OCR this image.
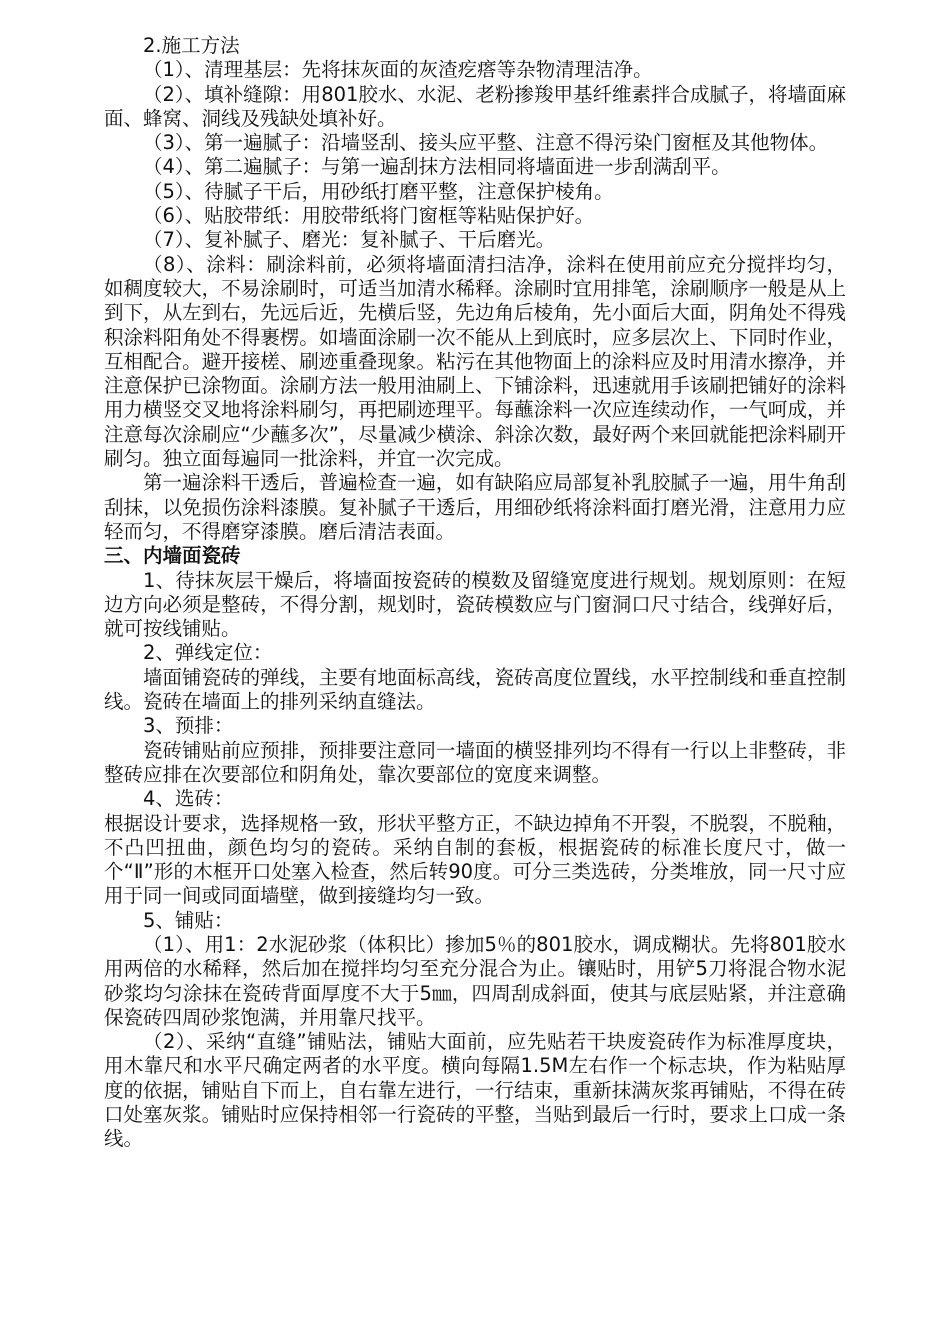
2.施工方法

（1）、清理基层：先将抹灰面的灰渣疙瘩等杂物清理洁净。

（2）、填补缝隙：用801胶水、水泥、老粉掺羧甲基纤维素拌合成腻子，将墙面麻面、蜂窝、洞线及残缺处填补好。

（3）、第一遍腻子：沿墙竖刮、接头应平整、注意不得污染门窗框及其他物体。

（4）、第二遍腻子：与第一遍刮抹方法相同将墙面进一步刮满刮平。

（5）、待腻子干后，用砂纸打磨平整，注意保护棱角。

（6）、贴胶带纸：用胶带纸将门窗框等粘贴保护好。

（7）、复补腻子、磨光：复补腻子、干后磨光。

（8）、涂料：刷涂料前，必须将墙面清扫洁净，涂料在使用前应充分搅拌均匀，如稠度较大，不易涂刷时，可适当加清水稀释。涂刷时宜用排笔，涂刷顺序一般是从上到下，从左到右，先远后近，先横后竖，先边角后棱角，先小面后大面，阴角处不得残积涂料阳角处不得裹楞。如墙面涂刷一次不能从上到底时，应多层次上、下同时作业，互相配合。避开接槎、刷迹重叠现象。粘污在其他物面上的涂料应及时用清水擦净，并注意保护已涂物面。涂刷方法一般用油刷上、下铺涂料，迅速就用手该刷把铺好的涂料用力横竖交叉地将涂料刷匀，再把刷迹理平。每蘸涂料一次应连续动作，一气呵成，并注意每次涂刷应“少蘸多次”，尽量减少横涂、斜涂次数，最好两个来回就能把涂料刷开刷匀。独立面每遍同一批涂料，并宜一次完成。

第一遍涂料干透后，普遍检查一遍，如有缺陷应局部复补乳胶腻子一遍，用牛角刮刮抹，以免损伤涂料漆膜。复补腻子干透后，用细砂纸将涂料面打磨光滑，注意用力应轻而匀，不得磨穿漆膜。磨后清洁表面。

三、内墙面瓷砖

1、待抹灰层干燥后，将墙面按瓷砖的模数及留缝宽度进行规划。规划原则：在短边方向必须是整砖，不得分割，规划时，瓷砖模数应与门窗洞口尺寸结合，线弹好后，就可按线铺贴。

2、弹线定位：

墙面铺瓷砖的弹线，主要有地面标高线，瓷砖高度位置线，水平控制线和垂直控制线。瓷砖在墙面上的排列采纳直缝法。

3、预排：

瓷砖铺贴前应预排，预排要注意同一墙面的横竖排列均不得有一行以上非整砖，非整砖应排在次要部位和阴角处，靠次要部位的宽度来调整。

4、选砖：

根据设计要求，选择规格一致，形状平整方正，不缺边掉角不开裂，不脱裂，不脱釉，不凸凹扭曲，颜色均匀的瓷砖。采纳自制的套板，根据瓷砖的标准长度尺寸，做一个“Ⅱ”形的木框开口处塞入检查，然后转90度。可分三类选砖，分类堆放，同一尺寸应用于同一间或同面墙壁，做到接缝均匀一致。

5、铺贴：

（1）、用1：2水泥砂浆（体积比）掺加5％的801胶水，调成糊状。先将801胶水用两倍的水稀释，然后加在搅拌均匀至充分混合为止。镶贴时，用铲5刀将混合物水泥砂浆均匀涂抹在瓷砖背面厚度不大于5㎜，四周刮成斜面，使其与底层贴紧，并注意确保瓷砖四周砂浆饱满，并用靠尺找平。

（2）、采纳“直缝”铺贴法，铺贴大面前，应先贴若干块废瓷砖作为标准厚度块，用木靠尺和水平尺确定两者的水平度。横向每隔1.5M左右作一个标志块，作为粘贴厚度的依据，铺贴自下而上，自右靠左进行，一行结束，重新抹满灰浆再铺贴，不得在砖口处塞灰浆。铺贴时应保持相邻一行瓷砖的平整，当贴到最后一行时，要求上口成一条线。
